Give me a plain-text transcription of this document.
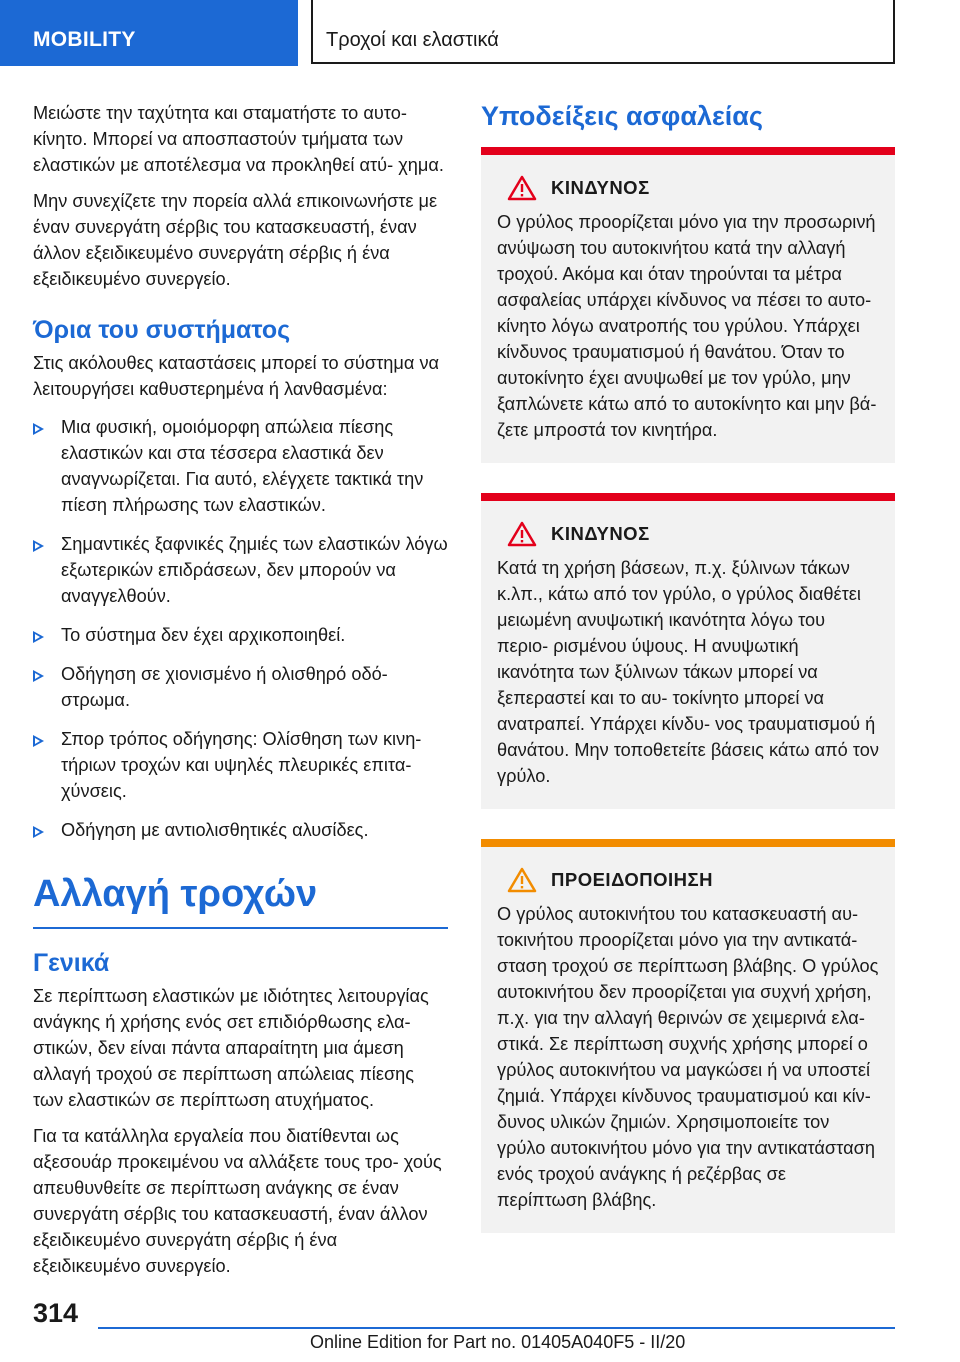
MOBILITY	Τροχοί και ελαστικά

Μειώστε την ταχύτητα και σταματήστε το αυτο- κίνητο. Μπορεί να αποσπαστούν τμήματα των ελαστικών με αποτέλεσμα να προκληθεί ατύ- χημα.

Μην συνεχίζετε την πορεία αλλά επικοινωνήστε με έναν συνεργάτη σέρβις του κατασκευαστή, έναν άλλον εξειδικευμένο συνεργάτη σέρβις ή ένα εξειδικευμένο συνεργείο.

Όρια του συστήματος

Στις ακόλουθες καταστάσεις μπορεί το σύστημα να λειτουργήσει καθυστερημένα ή λανθασμένα:

Μια φυσική, ομοιόμορφη απώλεια πίεσης ελαστικών και στα τέσσερα ελαστικά δεν αναγνωρίζεται. Για αυτό, ελέγχετε τακτικά την πίεση πλήρωσης των ελαστικών.
Σημαντικές ξαφνικές ζημιές των ελαστικών λόγω εξωτερικών επιδράσεων, δεν μπορούν να αναγγελθούν.
Το σύστημα δεν έχει αρχικοποιηθεί.
Οδήγηση σε χιονισμένο ή ολισθηρό οδό- στρωμα.
Σπορ τρόπος οδήγησης: Ολίσθηση των κινη- τήριων τροχών και υψηλές πλευρικές επιτα- χύνσεις.
Οδήγηση με αντιολισθητικές αλυσίδες.
Αλλαγή τροχών
Γενικά

Σε περίπτωση ελαστικών με ιδιότητες λειτουργίας ανάγκης ή χρήσης ενός σετ επιδιόρθωσης ελα- στικών, δεν είναι πάντα απαραίτητη μια άμεση αλλαγή τροχού σε περίπτωση απώλειας πίεσης των ελαστικών σε περίπτωση ατυχήματος.

Για τα κατάλληλα εργαλεία που διατίθενται ως αξεσουάρ προκειμένου να αλλάξετε τους τρο- χούς απευθυνθείτε σε περίπτωση ανάγκης σε έναν συνεργάτη σέρβις του κατασκευαστή, έναν άλλον εξειδικευμένο συνεργάτη σέρβις ή ένα εξειδικευμένο συνεργείο.

Υποδείξεις ασφαλείας
ΚΙΝΔΥΝΟΣ

Ο γρύλος προορίζεται μόνο για την προσωρινή ανύψωση του αυτοκινήτου κατά την αλλαγή τροχού. Ακόμα και όταν τηρούνται τα μέτρα ασφαλείας υπάρχει κίνδυνος να πέσει το αυτο- κίνητο λόγω ανατροπής του γρύλου. Υπάρχει κίνδυνος τραυματισμού ή θανάτου. Όταν το αυτοκίνητο έχει ανυψωθεί με τον γρύλο, μην ξαπλώνετε κάτω από το αυτοκίνητο και μην βά- ζετε μπροστά τον κινητήρα.

ΚΙΝΔΥΝΟΣ

Κατά τη χρήση βάσεων, π.χ. ξύλινων τάκων κ.λπ., κάτω από τον γρύλο, ο γρύλος διαθέτει μειωμένη ανυψωτική ικανότητα λόγω του περιο- ρισμένου ύψους. Η ανυψωτική ικανότητα των ξύλινων τάκων μπορεί να ξεπεραστεί και το αυ- τοκίνητο μπορεί να ανατραπεί. Υπάρχει κίνδυ- νος τραυματισμού ή θανάτου. Μην τοποθετείτε βάσεις κάτω από τον γρύλο.

ΠΡΟΕΙΔΟΠΟΙΗΣΗ

Ο γρύλος αυτοκινήτου του κατασκευαστή αυ- τοκινήτου προορίζεται μόνο για την αντικατά- σταση τροχού σε περίπτωση βλάβης. Ο γρύλος αυτοκινήτου δεν προορίζεται για συχνή χρήση, π.χ. για την αλλαγή θερινών σε χειμερινά ελα- στικά. Σε περίπτωση συχνής χρήσης μπορεί ο γρύλος αυτοκινήτου να μαγκώσει ή να υποστεί ζημιά. Υπάρχει κίνδυνος τραυματισμού και κίν- δυνος υλικών ζημιών. Χρησιμοποιείτε τον γρύλο αυτοκινήτου μόνο για την αντικατάσταση ενός τροχού ανάγκης ή ρεζέρβας σε περίπτωση βλάβης.

314
Online Edition for Part no. 01405A040F5 - II/20
